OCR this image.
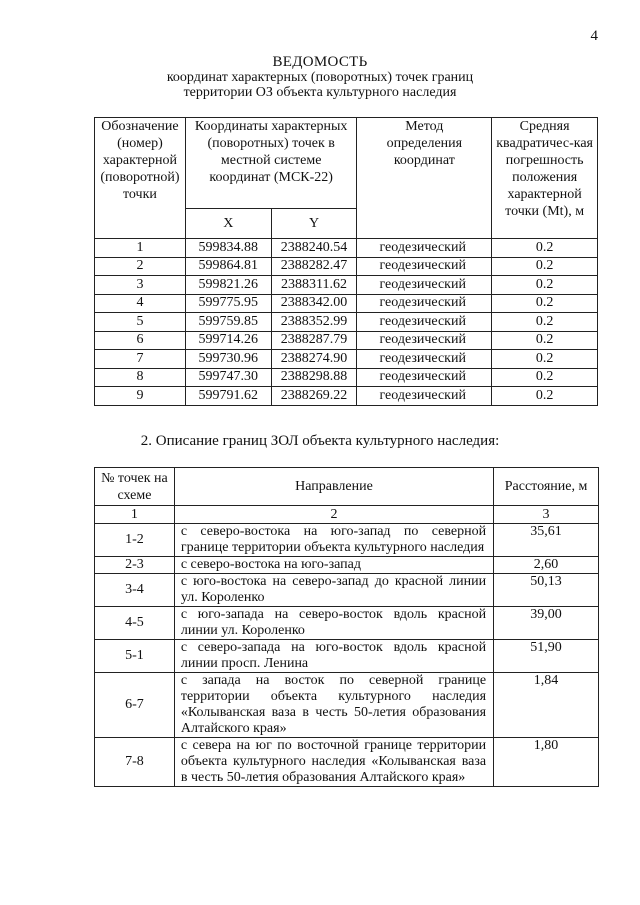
4
ВЕДОМОСТЬ
координат характерных (поворотных) точек границ
территории ОЗ объекта культурного наследия
Обозначение (номер) характерной (поворотной) точки	Координаты характерных (поворотных) точек в местной системе координат (МСК-22)		Метод определения координат	Средняя квадратичес-кая погрешность положения характерной точки (Mt), м
	X	Y		
1	599834.88	2388240.54	геодезический	0.2
2	599864.81	2388282.47	геодезический	0.2
3	599821.26	2388311.62	геодезический	0.2
4	599775.95	2388342.00	геодезический	0.2
5	599759.85	2388352.99	геодезический	0.2
6	599714.26	2388287.79	геодезический	0.2
7	599730.96	2388274.90	геодезический	0.2
8	599747.30	2388298.88	геодезический	0.2
9	599791.62	2388269.22	геодезический	0.2
2. Описание границ ЗОЛ объекта культурного наследия:
№ точек на схеме	Направление	Расстояние, м
1	2	3
1-2	с северо-востока на юго-запад по северной границе территории объекта культурного наследия	35,61
2-3	с северо-востока на юго-запад	2,60
3-4	с юго-востока на северо-запад до красной линии ул. Короленко	50,13
4-5	с юго-запада на северо-восток вдоль красной линии ул. Короленко	39,00
5-1	с северо-запада на юго-восток вдоль красной линии просп. Ленина	51,90
6-7	с запада на восток по северной границе территории объекта культурного наследия «Колыванская ваза в честь 50-летия образования Алтайского края»	1,84
7-8	с севера на юг по восточной границе территории объекта культурного наследия «Колыванская ваза в честь 50-летия образования Алтайского края»	1,80
